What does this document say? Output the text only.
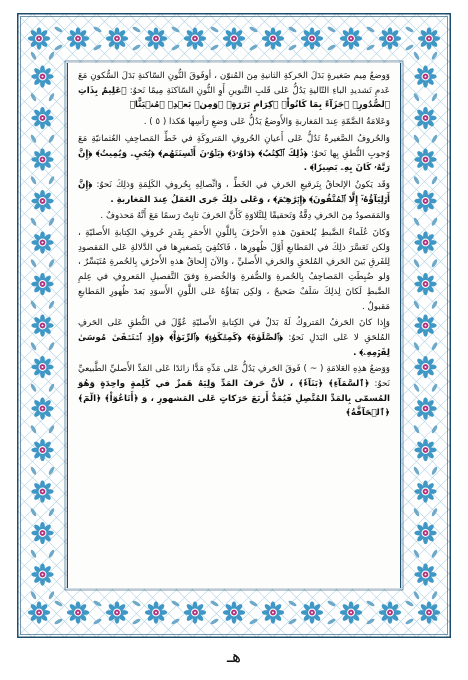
وَوضعُ مِيم صَغيرةٍ بَدَلَ الحَركةِ الثانيةِ مِنَ المُنوّن ، أوفَوقَ النُّونِ السّاكنةِ بَدَلَ السُّكونِ مَعَ عَدمِ تَشديدِ الباءِ التّاليةِ يَدُلُّ عَلى قَلبِ التَّنوينِ أَوِ النُّونِ السّاكنَةِ مِيمًا نَحوُ: ﴿عَلِيمٌ بِذَاتِ ٱلصُّدُورِ﴾ ﴿جَزَآءً بِمَا كَانُواْ﴾ ﴿كِرَامٍ بَرَرَةٍ﴾ ﴿وَمِنۢ بَعۡدِ﴾ ﴿مُنۢبَثًّا﴾

وَعَلامَةُ الضَّمّةِ عِندَ المَغاربةِ وَالأَوضعُ يَدُلُّ عَلى وَضعِ رَأسِها هَكذا ( ٥ ) .

وَالحُروفُ الصَّغيرةُ تَدُلُّ عَلى أَعيانِ الحُروفِ المَتروكَةِ في خَطِّ المَصاحِفِ العُثمانيّةِ مَعَ وُجوبِ النُّطقِ بِها نَحوُ: ﴿ذَٰلِكَ ٱلۡكِتَٰبُ﴾ ﴿دَاوُۥدَ﴾ ﴿يَلۡوُۥنَ أَلۡسِنَتَهُم﴾ ﴿يُحۡيِۦ وَيُمِيتُ﴾ ﴿إِنَّ رَبَّهُۥ كَانَ بِهِۦ بَصِيرٗا﴾ .

وَقَد يَكونُ الإلحاقُ بِتَرقيعِ الحَرفِ في الخَطِّ ، وَاتِّصالِهِ بِحُروفِ الكَلِمَةِ وَذلِكَ نَحوُ: ﴿إِنَّ أَوۡلِيَآؤُهُۥٓ إِلَّا ٱلۡمُتَّقُونَ﴾ ﴿إِبۡرَٰهِـۧمَ﴾ ، وَعَلى ذلِكَ جَرى العَمَلُ عِندَ المَغاربةِ .

وَالمَقصودُ مِنَ الحَرفِ دِقَّةُ وَتَحقيقًا لِلتَّلاوَةِ كَأَنَّ الحَرفَ ثابِتٌ رَسمًا مَعَ أَنَّهُ مَحذوفٌ .

وَكانَ عُلَماءُ الضَّبطِ يُلحقونَ هذهِ الأَحرُفَ بِاللَّونِ الأَحمَرِ بِقَدرِ حُروفِ الكِتابةِ الأَصليّةِ ، وَلكن تَعَسَّرَ ذلِكَ في المَطابعِ أَوَّلَ ظُهورِها ، فَاكتُفِيَ بِتَصغيرِها في الدَّلالةِ عَلى المَقصودِ لِلفَرقِ بَينَ الحَرفِ المُلحَقِ وَالحَرفِ الأَصليِّ ، وَالآنَ إِلحاقُ هذهِ الأَحرُفِ بِالحُمرةِ مُتَيَسِّرٌ ، وَلو ضُبِطَتِ المَصاحِفُ بِالحُمرةِ وَالصُّفرةِ وَالخُضرةِ وَفقَ التَّفصيلِ المَعروفِ في عِلمِ الضَّبطِ لَكانَ لِذلِكَ سَلَفٌ صَحيحٌ ، وَلكِن بَقاؤُهُ عَلى اللَّونِ الأَسوَدِ بَعدَ ظُهورِ المَطابعِ مَقبولٌ .

وَإِذا كانَ الحَرفُ المَتروكُ لَهُ بَدَلٌ في الكِتابةِ الأَصليّةِ عُوِّلَ في النُّطقِ عَلى الحَرفِ المُلحَقِ لا عَلى البَدَلِ نَحوُ: ﴿ٱلصَّلَوٰةَ﴾ ﴿كَمِشۡكَوٰةٖ﴾ ﴿ٱلرِّبَوٰاْ﴾ ﴿وَإِذِ ٱسۡتَسۡقَىٰ مُوسَىٰ لِقَوۡمِهِۦ﴾ .

وَوَضعُ هذِهِ العَلامَةِ ( ~ ) فَوقَ الحَرفِ يَدُلُّ عَلى مَدِّهِ مَدًّا زائدًا عَلى المَدِّ الأَصليِّ الطَّبيعيِّ نَحوُ: ﴿ٱلسَّمَآءِ﴾ ﴿بَنَآءٗ﴾ ، لأنَّ حَرفَ المَدِّ وَلِيَهُ هَمزٌ في كَلِمةٍ واحِدَةٍ وَهُوَ المُسمّى بِالمَدِّ المُتَّصِلِ فَيُمَدُّ أَربَعَ حَرَكاتٍ عَلى المَشهورِ ، وَ ﴿أَتَاعُوٓاْ﴾ ﴿الٓمٓ﴾ ﴿ٱلۡحَآقَّةُ﴾

هـ
